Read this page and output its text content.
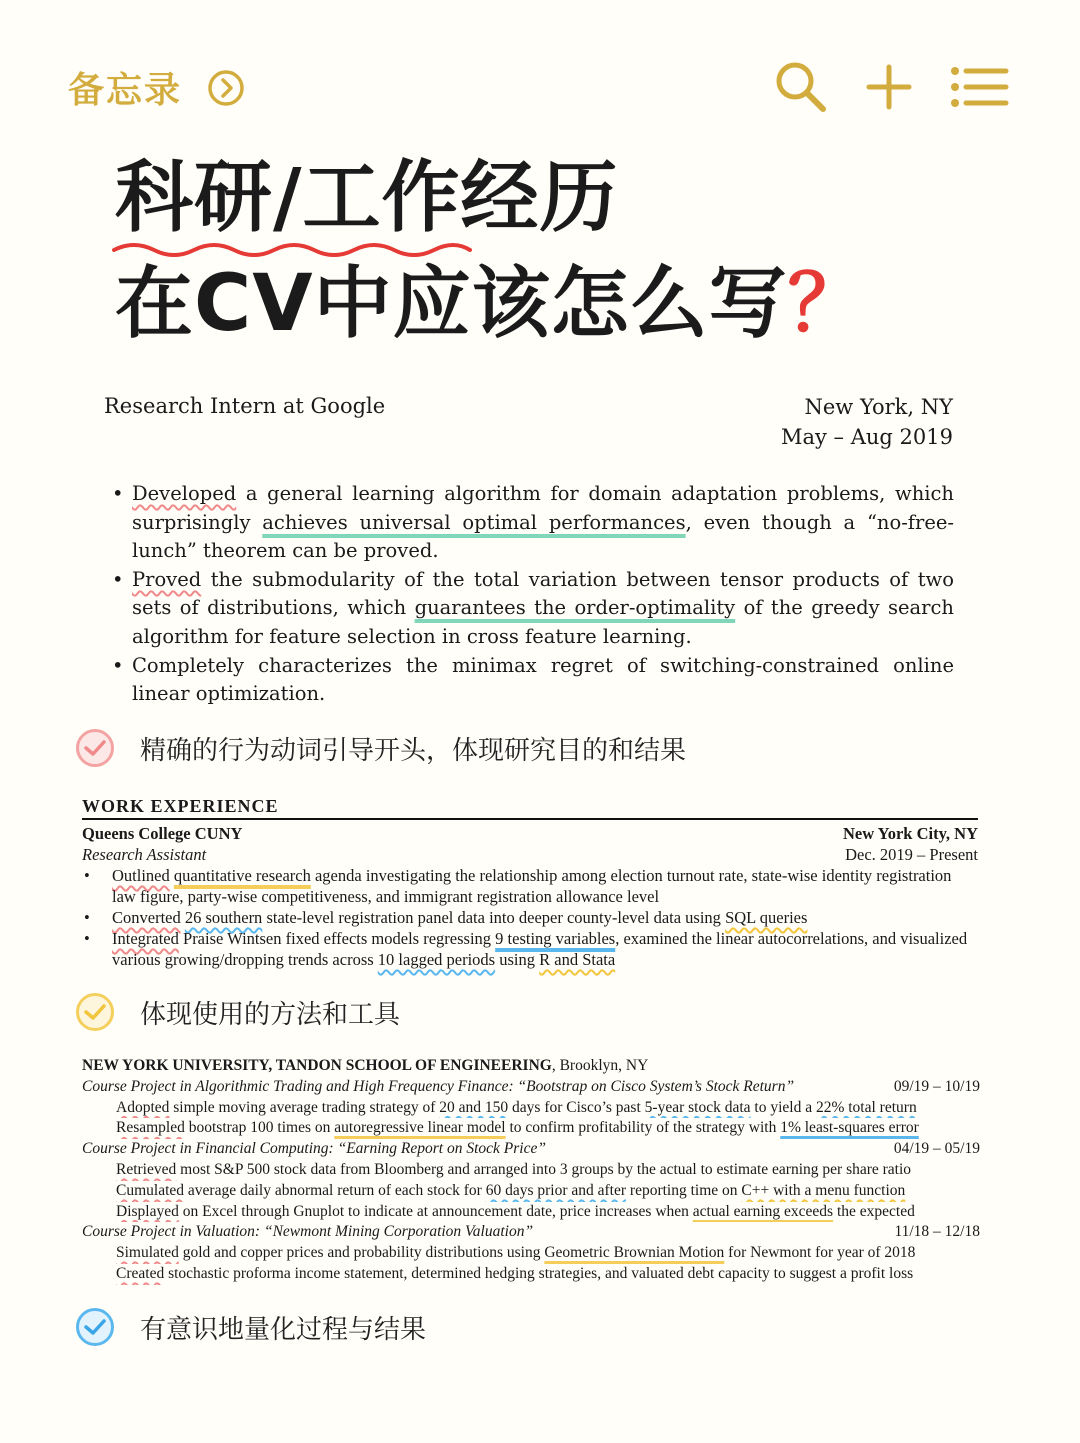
备忘录
科研/工作经历
在CV中应该怎么写？
Research Intern at Google	New York, NY
May – Aug 2019
• Developed a general learning algorithm for domain adaptation problems, which surprisingly achieves universal optimal performances, even though a “no-free-lunch” theorem can be proved.
• Proved the submodularity of the total variation between tensor products of two sets of distributions, which guarantees the order-optimality of the greedy search algorithm for feature selection in cross feature learning.
• Completely characterizes the minimax regret of switching-constrained online linear optimization.
精确的行为动词引导开头，体现研究目的和结果
WORK EXPERIENCE
Queens College CUNY	New York City, NY
Research Assistant	Dec. 2019 – Present
• Outlined quantitative research agenda investigating the relationship among election turnout rate, state-wise identity registration law figure, party-wise competitiveness, and immigrant registration allowance level
• Converted 26 southern state-level registration panel data into deeper county-level data using SQL queries
• Integrated Praise Wintsen fixed effects models regressing 9 testing variables, examined the linear autocorrelations, and visualized various growing/dropping trends across 10 lagged periods using R and Stata
体现使用的方法和工具
NEW YORK UNIVERSITY, TANDON SCHOOL OF ENGINEERING, Brooklyn, NY
Course Project in Algorithmic Trading and High Frequency Finance: “Bootstrap on Cisco System’s Stock Return”	09/19 – 10/19
• Adopted simple moving average trading strategy of 20 and 150 days for Cisco’s past 5-year stock data to yield a 22% total return
• Resampled bootstrap 100 times on autoregressive linear model to confirm profitability of the strategy with 1% least-squares error
Course Project in Financial Computing: “Earning Report on Stock Price”	04/19 – 05/19
• Retrieved most S&P 500 stock data from Bloomberg and arranged into 3 groups by the actual to estimate earning per share ratio
• Cumulated average daily abnormal return of each stock for 60 days prior and after reporting time on C++ with a menu function
• Displayed on Excel through Gnuplot to indicate at announcement date, price increases when actual earning exceeds the expected
Course Project in Valuation: “Newmont Mining Corporation Valuation”	11/18 – 12/18
• Simulated gold and copper prices and probability distributions using Geometric Brownian Motion for Newmont for year of 2018
• Created stochastic proforma income statement, determined hedging strategies, and valuated debt capacity to suggest a profit loss
有意识地量化过程与结果
